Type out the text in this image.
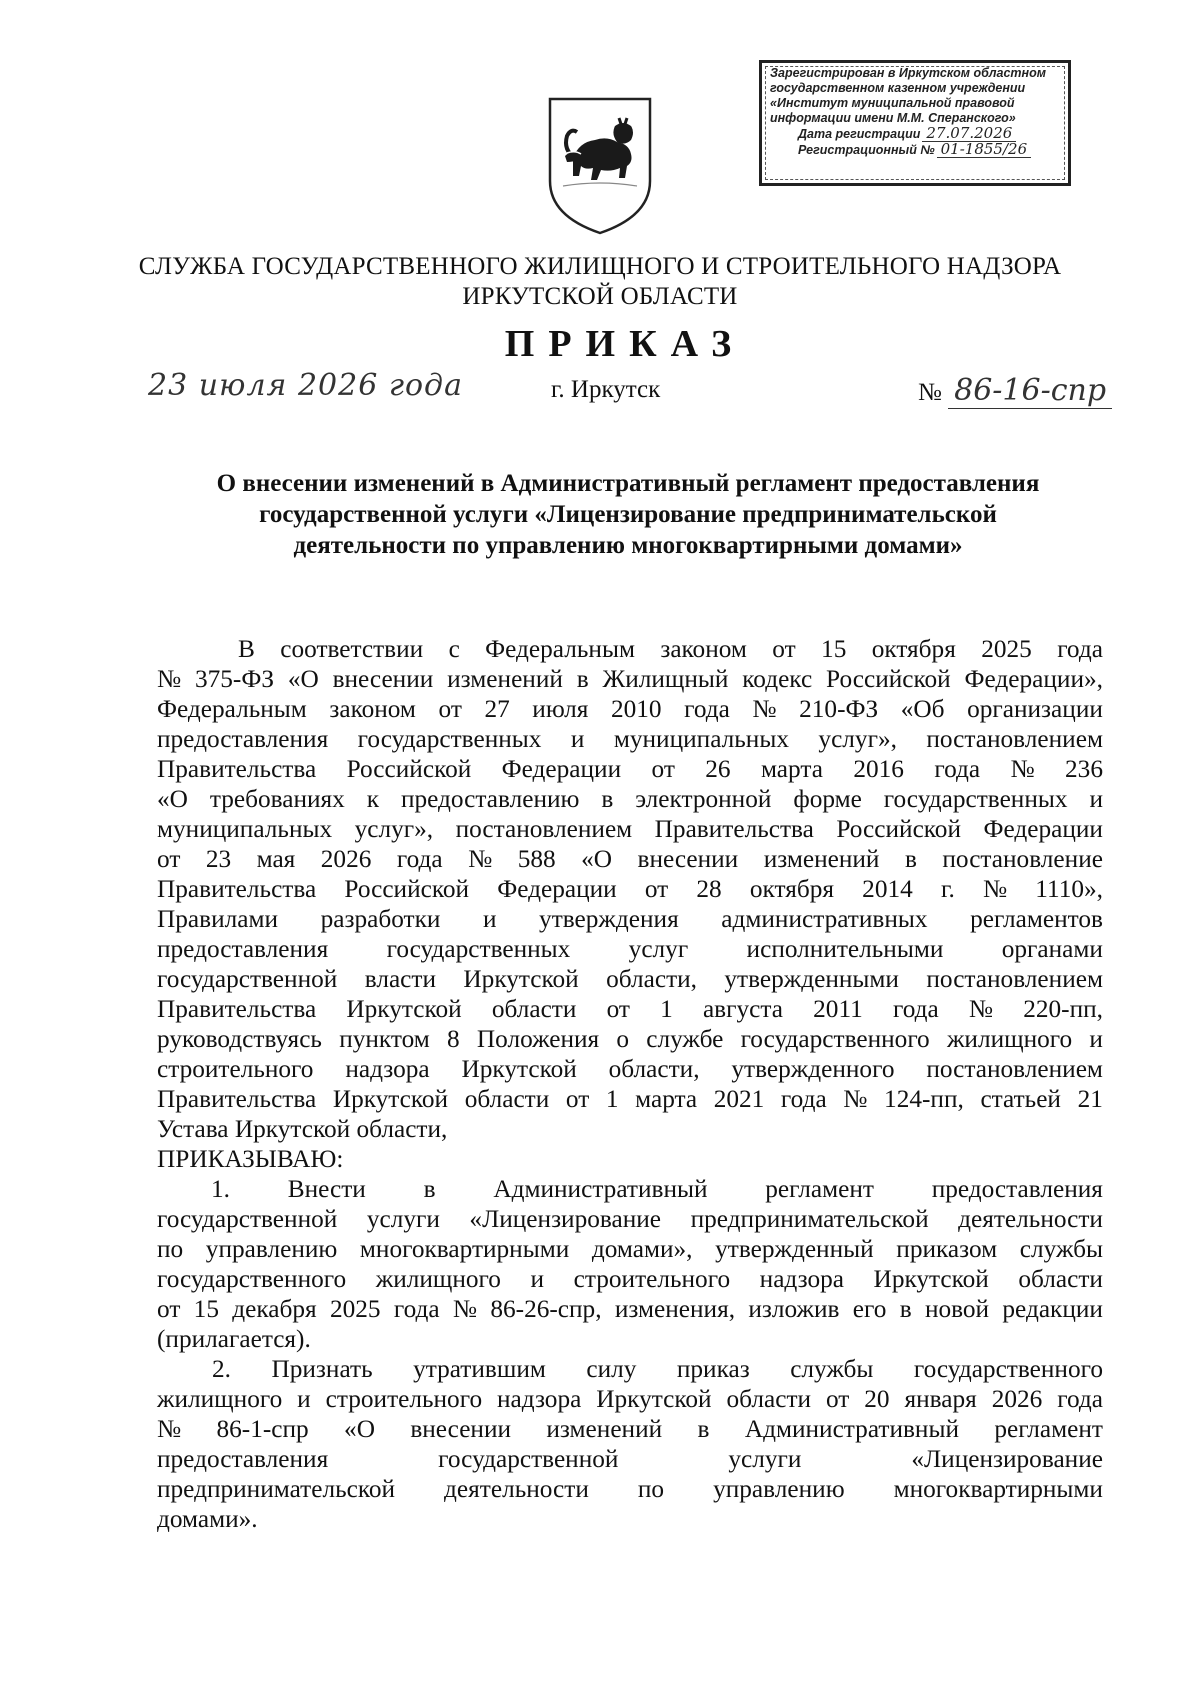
Зарегистрирован в Иркутском областном
государственном казенном учреждении
«Институт муниципальной правовой
информации имени М.М. Сперанского»
Дата регистрации 27.07.2026
Регистрационный № 01-1855/26
СЛУЖБА ГОСУДАРСТВЕННОГО ЖИЛИЩНОГО И СТРОИТЕЛЬНОГО НАДЗОРА
ИРКУТСКОЙ ОБЛАСТИ
ПРИКАЗ
23 июля 2026 года	г. Иркутск	№ 86-16-спр
О внесении изменений в Административный регламент предоставления
государственной услуги «Лицензирование предпринимательской
деятельности по управлению многоквартирными домами»
В соответствии с Федеральным законом от 15 октября 2025 года
№ 375-ФЗ «О внесении изменений в Жилищный кодекс Российской Федерации»,
Федеральным законом от 27 июля 2010 года № 210-ФЗ «Об организации
предоставления государственных и муниципальных услуг», постановлением
Правительства Российской Федерации от 26 марта 2016 года № 236
«О требованиях к предоставлению в электронной форме государственных и
муниципальных услуг», постановлением Правительства Российской Федерации
от 23 мая 2026 года № 588 «О внесении изменений в постановление
Правительства Российской Федерации от 28 октября 2014 г. № 1110»,
Правилами разработки и утверждения административных регламентов
предоставления государственных услуг исполнительными органами
государственной власти Иркутской области, утвержденными постановлением
Правительства Иркутской области от 1 августа 2011 года № 220-пп,
руководствуясь пунктом 8 Положения о службе государственного жилищного и
строительного надзора Иркутской области, утвержденного постановлением
Правительства Иркутской области от 1 марта 2021 года № 124-пп, статьей 21
Устава Иркутской области,
ПРИКАЗЫВАЮ:
1. Внести в Административный регламент предоставления
государственной услуги «Лицензирование предпринимательской деятельности
по управлению многоквартирными домами», утвержденный приказом службы
государственного жилищного и строительного надзора Иркутской области
от 15 декабря 2025 года № 86-26-спр, изменения, изложив его в новой редакции
(прилагается).
2. Признать утратившим силу приказ службы государственного
жилищного и строительного надзора Иркутской области от 20 января 2026 года
№ 86-1-спр «О внесении изменений в Административный регламент
предоставления	государственной	услуги	«Лицензирование
предпринимательской деятельности по управлению многоквартирными
домами».
